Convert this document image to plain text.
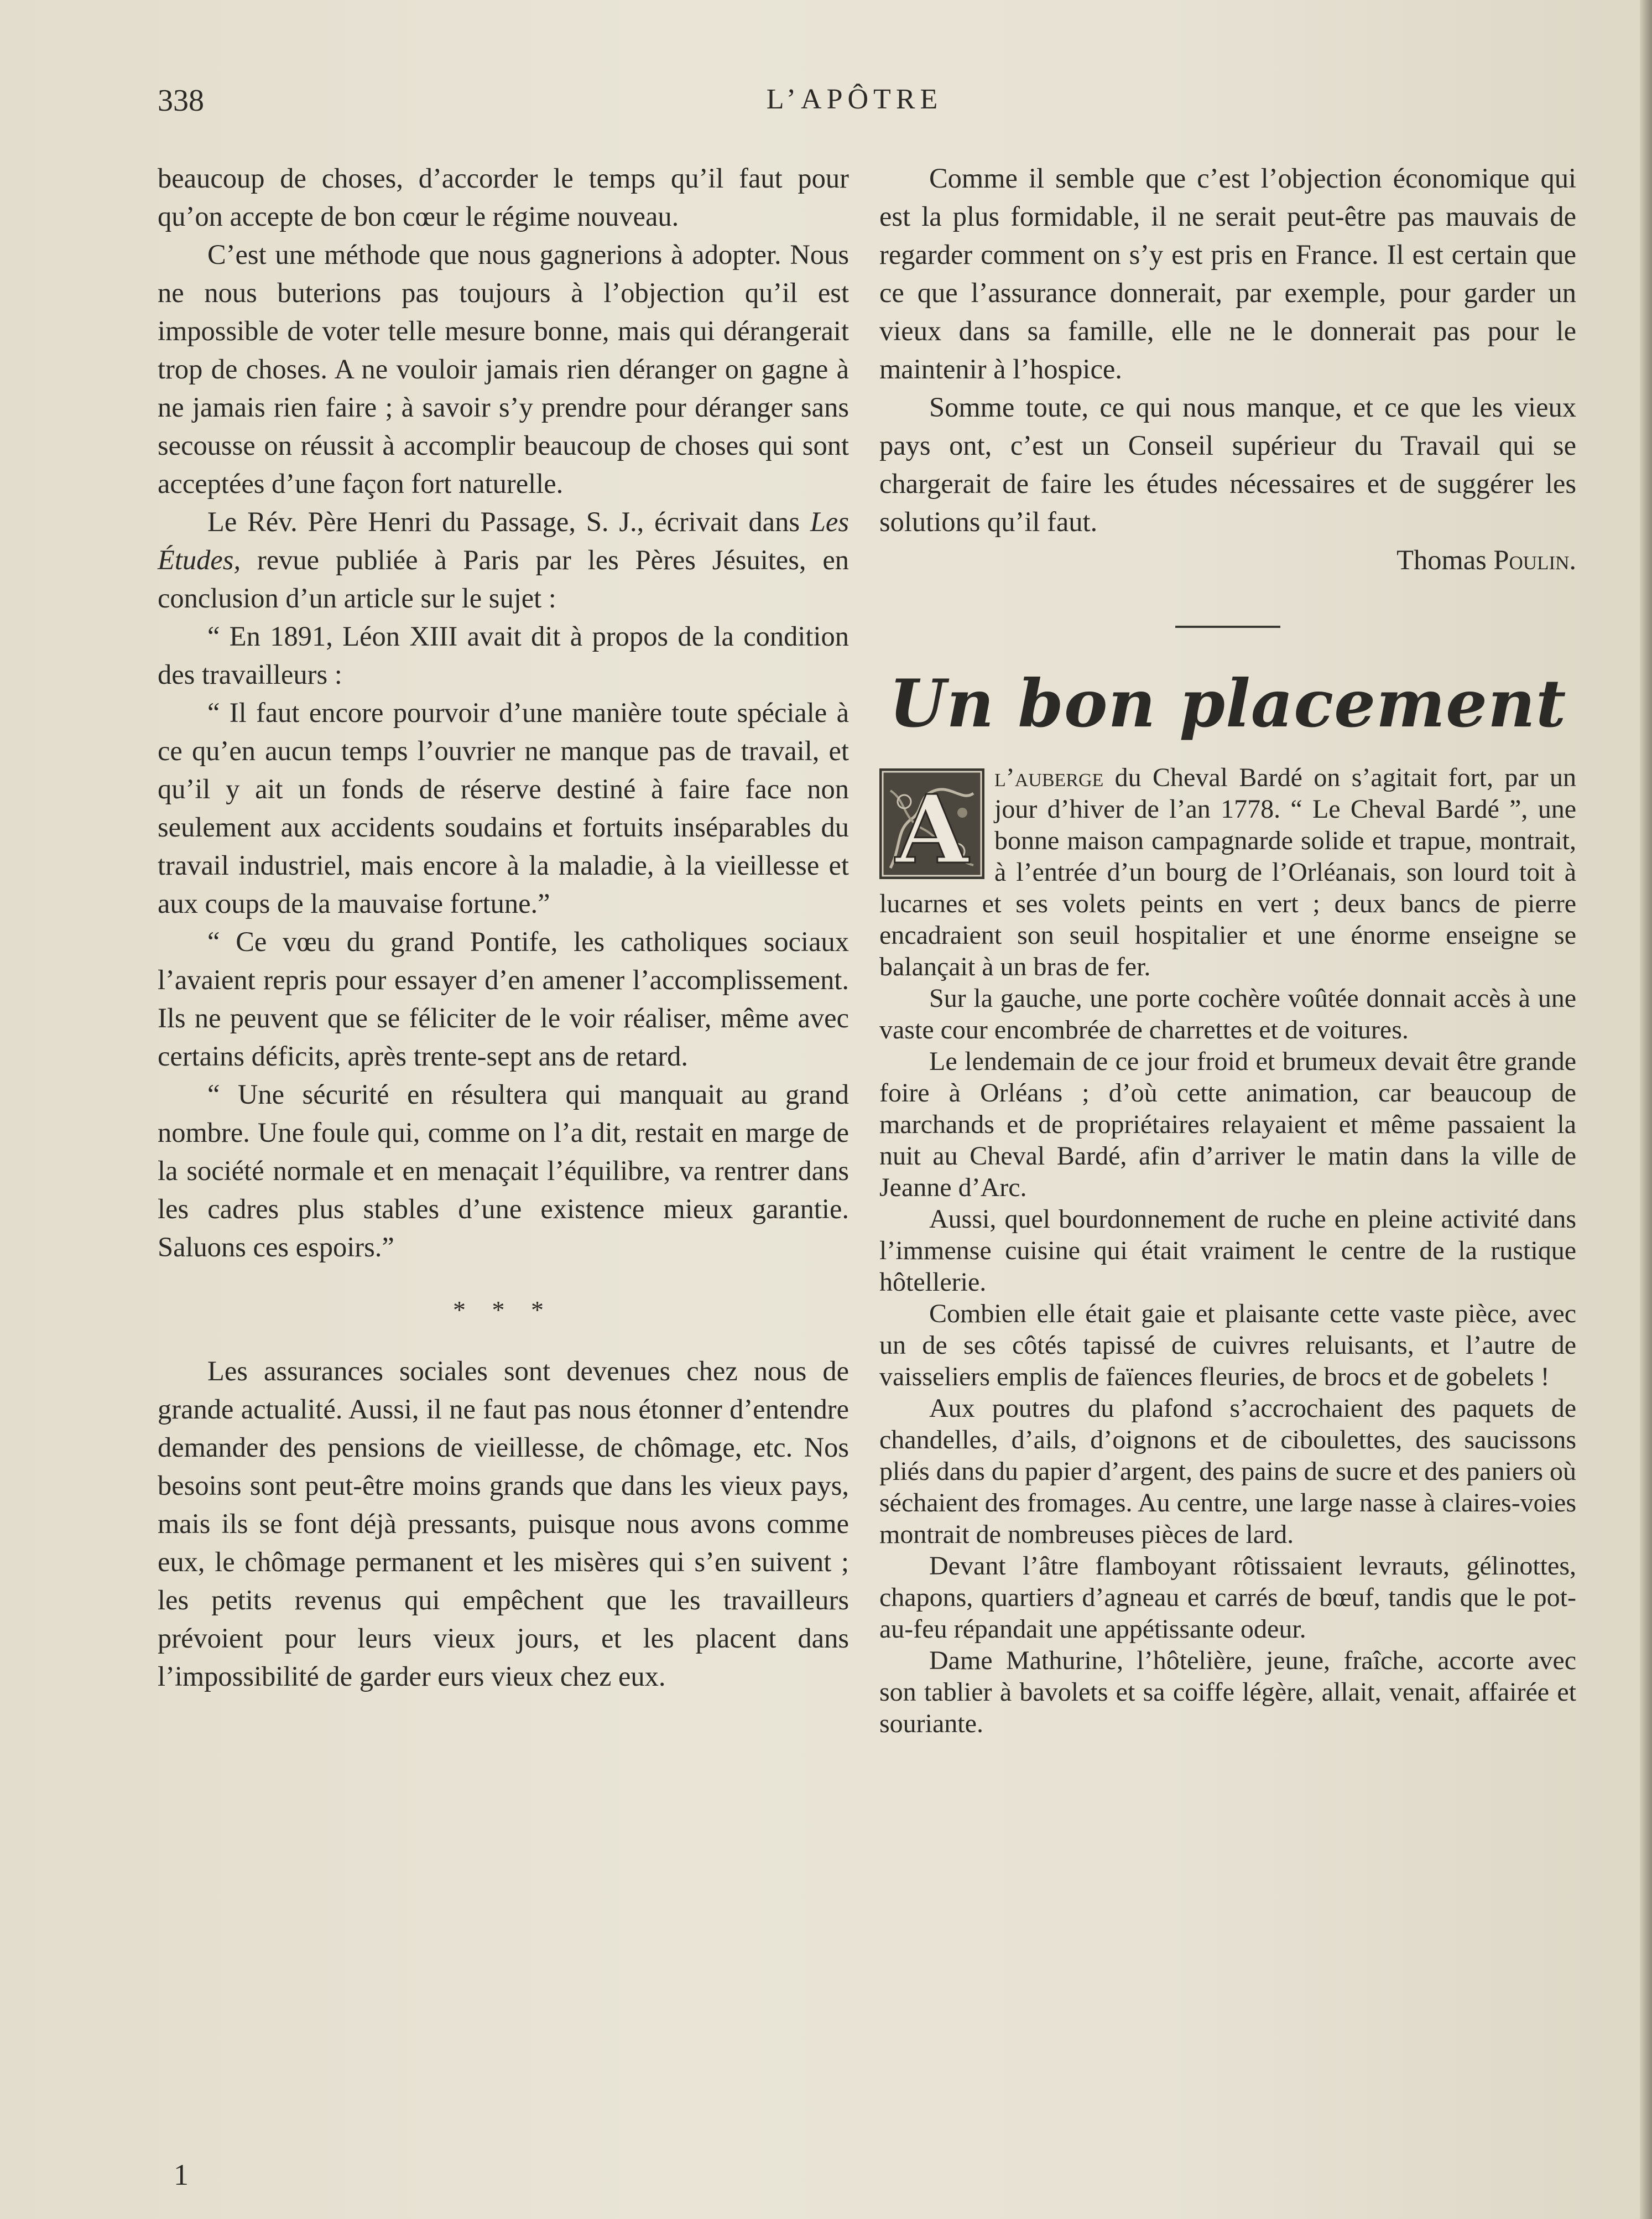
338	L’APÔTRE

beaucoup de choses, d’accorder le temps qu’il faut pour qu’on accepte de bon cœur le régime nouveau.

C’est une méthode que nous gagnerions à adopter. Nous ne nous buterions pas toujours à l’objection qu’il est impossible de voter telle mesure bonne, mais qui dérangerait trop de choses. A ne vouloir jamais rien déranger on gagne à ne jamais rien faire ; à savoir s’y prendre pour déranger sans secousse on réussit à accomplir beaucoup de choses qui sont acceptées d’une façon fort naturelle.

Le Rév. Père Henri du Passage, S. J., écrivait dans Les Études, revue publiée à Paris par les Pères Jésuites, en conclusion d’un article sur le sujet :

“ En 1891, Léon XIII avait dit à propos de la condition des travailleurs :

“ Il faut encore pourvoir d’une manière toute spéciale à ce qu’en aucun temps l’ouvrier ne manque pas de travail, et qu’il y ait un fonds de réserve destiné à faire face non seulement aux accidents soudains et fortuits inséparables du travail industriel, mais encore à la maladie, à la vieillesse et aux coups de la mauvaise fortune.”

“ Ce vœu du grand Pontife, les catholiques sociaux l’avaient repris pour essayer d’en amener l’accomplissement. Ils ne peuvent que se féliciter de le voir réaliser, même avec certains déficits, après trente-sept ans de retard.

“ Une sécurité en résultera qui manquait au grand nombre. Une foule qui, comme on l’a dit, restait en marge de la société normale et en menaçait l’équilibre, va rentrer dans les cadres plus stables d’une existence mieux garantie. Saluons ces espoirs.”

* * *

Les assurances sociales sont devenues chez nous de grande actualité. Aussi, il ne faut pas nous étonner d’entendre demander des pensions de vieillesse, de chômage, etc. Nos besoins sont peut-être moins grands que dans les vieux pays, mais ils se font déjà pressants, puisque nous avons comme eux, le chômage permanent et les misères qui s’en suivent ; les petits revenus qui empêchent que les travailleurs prévoient pour leurs vieux jours, et les placent dans l’impossibilité de garder eurs vieux chez eux.

Comme il semble que c’est l’objection économique qui est la plus formidable, il ne serait peut-être pas mauvais de regarder comment on s’y est pris en France. Il est certain que ce que l’assurance donnerait, par exemple, pour garder un vieux dans sa famille, elle ne le donnerait pas pour le maintenir à l’hospice.

Somme toute, ce qui nous manque, et ce que les vieux pays ont, c’est un Conseil supérieur du Travail qui se chargerait de faire les études nécessaires et de suggérer les solutions qu’il faut.

Thomas Poulin.

Un bon placement
A l’auberge du Cheval Bardé on s’agitait fort, par un jour d’hiver de l’an 1778. “ Le Cheval Bardé ”, une bonne maison campagnarde solide et trapue, montrait, à l’entrée d’un bourg de l’Orléanais, son lourd toit à lucarnes et ses volets peints en vert ; deux bancs de pierre encadraient son seuil hospitalier et une énorme enseigne se balançait à un bras de fer.

Sur la gauche, une porte cochère voûtée donnait accès à une vaste cour encombrée de charrettes et de voitures.

Le lendemain de ce jour froid et brumeux devait être grande foire à Orléans ; d’où cette animation, car beaucoup de marchands et de propriétaires relayaient et même passaient la nuit au Cheval Bardé, afin d’arriver le matin dans la ville de Jeanne d’Arc.

Aussi, quel bourdonnement de ruche en pleine activité dans l’immense cuisine qui était vraiment le centre de la rustique hôtellerie.

Combien elle était gaie et plaisante cette vaste pièce, avec un de ses côtés tapissé de cuivres reluisants, et l’autre de vaisseliers emplis de faïences fleuries, de brocs et de gobelets !

Aux poutres du plafond s’accrochaient des paquets de chandelles, d’ails, d’oignons et de ciboulettes, des saucissons pliés dans du papier d’argent, des pains de sucre et des paniers où séchaient des fromages. Au centre, une large nasse à claires-voies montrait de nombreuses pièces de lard.

Devant l’âtre flamboyant rôtissaient levrauts, gélinottes, chapons, quartiers d’agneau et carrés de bœuf, tandis que le pot-au-feu répandait une appétissante odeur.

Dame Mathurine, l’hôtelière, jeune, fraîche, accorte avec son tablier à bavolets et sa coiffe légère, allait, venait, affairée et souriante.

1
